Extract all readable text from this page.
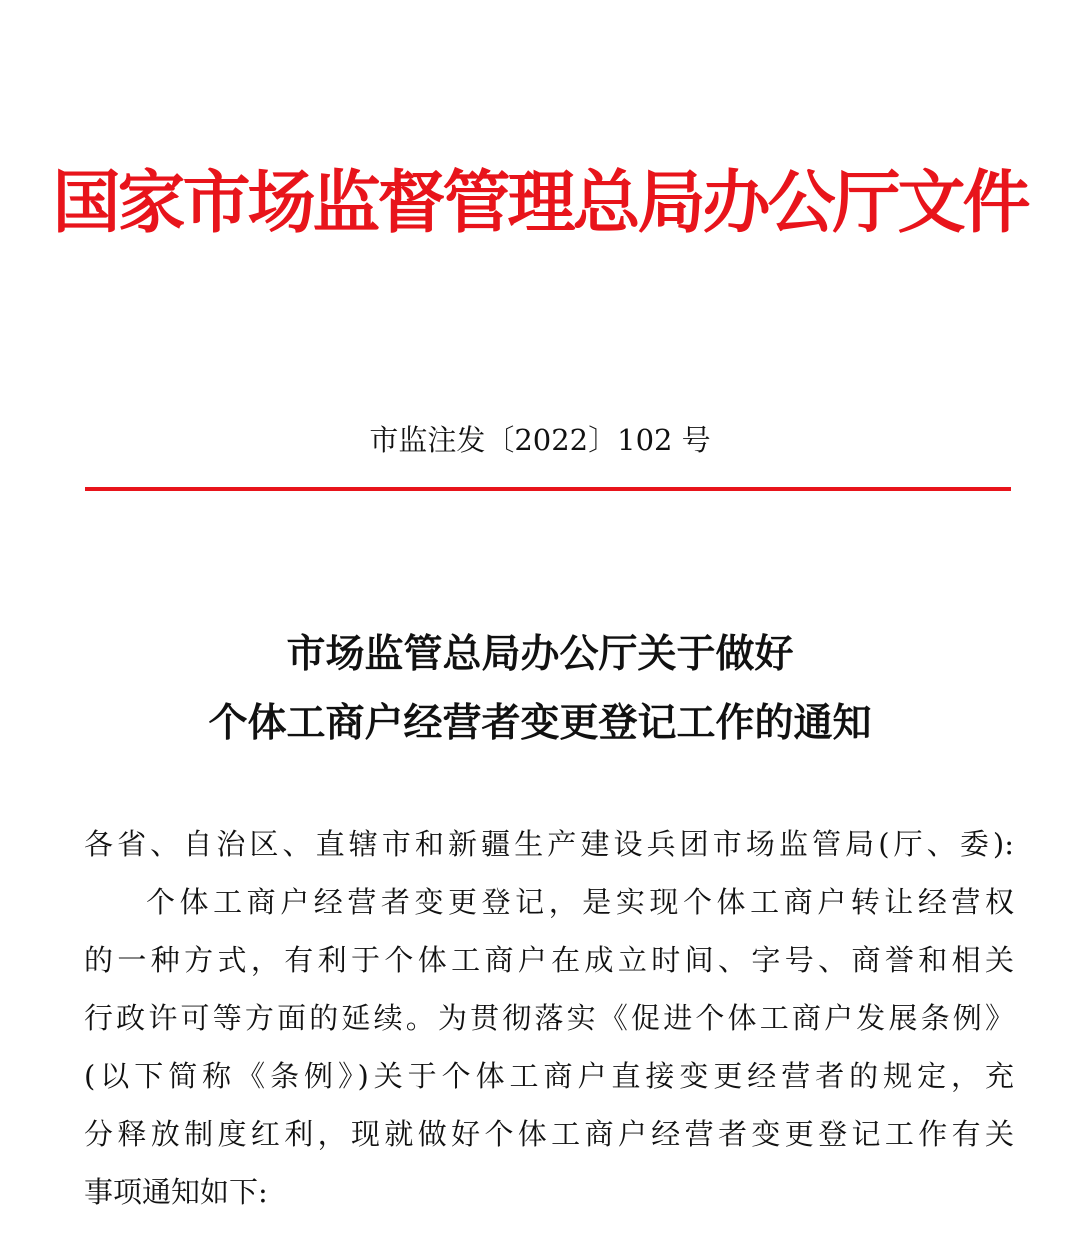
国家市场监督管理总局办公厅文件
市监注发〔2022〕102 号
市场监管总局办公厅关于做好
个体工商户经营者变更登记工作的通知
各省、自治区、直辖市和新疆生产建设兵团市场监管局(厅、委):
个体工商户经营者变更登记，是实现个体工商户转让经营权
的一种方式，有利于个体工商户在成立时间、字号、商誉和相关
行政许可等方面的延续。为贯彻落实《促进个体工商户发展条例》
(以下简称《条例》)关于个体工商户直接变更经营者的规定，充
分释放制度红利，现就做好个体工商户经营者变更登记工作有关
事项通知如下:
